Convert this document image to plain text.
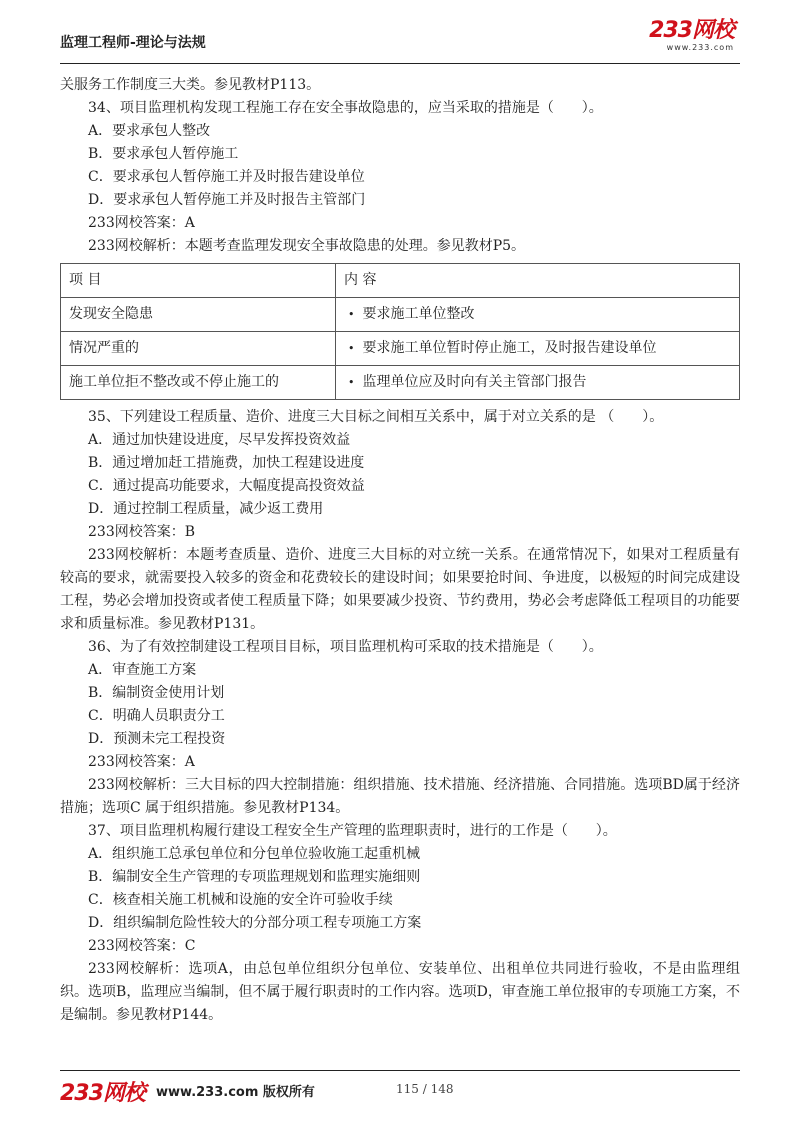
监理工程师-理论与法规	233网校
www.233.com

关服务工作制度三大类。参见教材P113。

34、项目监理机构发现工程施工存在安全事故隐患的，应当采取的措施是（　　）。

A．要求承包人整改

B．要求承包人暂停施工

C．要求承包人暂停施工并及时报告建设单位

D．要求承包人暂停施工并及时报告主管部门

233网校答案：A

233网校解析：本题考查监理发现安全事故隐患的处理。参见教材P5。

项 目	内 容
发现安全隐患	• 要求施工单位整改
情况严重的	• 要求施工单位暂时停止施工，及时报告建设单位
施工单位拒不整改或不停止施工的	• 监理单位应及时向有关主管部门报告

35、下列建设工程质量、造价、进度三大目标之间相互关系中，属于对立关系的是 （　　）。

A．通过加快建设进度，尽早发挥投资效益

B．通过增加赶工措施费，加快工程建设进度

C．通过提高功能要求，大幅度提高投资效益

D．通过控制工程质量，减少返工费用

233网校答案：B

233网校解析：本题考查质量、造价、进度三大目标的对立统一关系。在通常情况下，如果对工程质量有较高的要求，就需要投入较多的资金和花费较长的建设时间；如果要抢时间、争进度，以极短的时间完成建设工程，势必会增加投资或者使工程质量下降；如果要减少投资、节约费用，势必会考虑降低工程项目的功能要求和质量标准。参见教材P131。

36、为了有效控制建设工程项目目标，项目监理机构可采取的技术措施是（　　）。

A．审查施工方案

B．编制资金使用计划

C．明确人员职责分工

D．预测未完工程投资

233网校答案：A

233网校解析：三大目标的四大控制措施：组织措施、技术措施、经济措施、合同措施。选项BD属于经济措施；选项C 属于组织措施。参见教材P134。

37、项目监理机构履行建设工程安全生产管理的监理职责时，进行的工作是（　　）。

A．组织施工总承包单位和分包单位验收施工起重机械

B．编制安全生产管理的专项监理规划和监理实施细则

C．核查相关施工机械和设施的安全许可验收手续

D．组织编制危险性较大的分部分项工程专项施工方案

233网校答案：C

233网校解析：选项A，由总包单位组织分包单位、安装单位、出租单位共同进行验收，不是由监理组织。选项B，监理应当编制，但不属于履行职责时的工作内容。选项D，审查施工单位报审的专项施工方案，不是编制。参见教材P144。

233网校 www.233.com 版权所有	115 / 148
